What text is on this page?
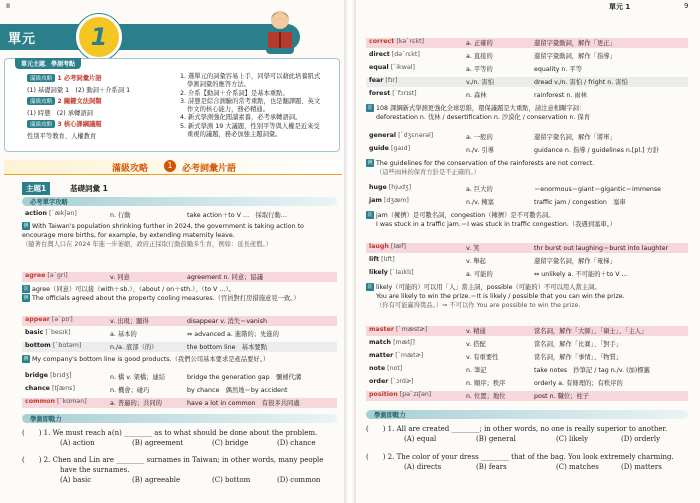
8
單元	1
單元主題．學測考點
滿級攻略 1 必考詞彙片語
(1) 基礎詞彙 1　(2) 動詞＋介系詞 1
滿級攻略 2 關鍵文法詞類
(1) 時態　(2) 承轉語詞
滿級攻略 3 核心課綱議題
性別平等教育、人權教育
1. 選單元的詞彙容易上手，同學可以藉此培養肌式
學測詞彙的應答方法。
2. 介系【動詞＋介系詞】是基本重點。
3. 詩態是綜合測驗的常考重點，也是翻譯題、英文
作文的核心能力，務必精通。
4. 新式學測強化閱讀素養，必考承轉語詞。
5. 新式學測 19 大議題，性別平等與人權是近來受
重視的議題，務必加強主題詞彙。
滿級攻略	1	必考詞彙片語
主題1	基礎詞彙 1
必考單字攻略
action [ˋækʃən]	n. 行動	take action＋to V …　採取行動…
例 With Taiwan's population shrinking further in 2024, the government is taking action to
encourage more births, for example, by extending maternity leave.
（隨著台灣人口在 2024 年進一步萎縮，政府正採取行動鼓勵多生育，例如：延長產假。）
agree [əˋgri]	v. 同意	agreement n. 同意；協議
註 agree（同意）可以接（with＋sb.）、（about / on＋sth.）、（to V …）。
例 The officials agreed about the property cooling measures.（官員對打房措施意見一致。）
appear [əˋpɪr]	v. 出現；顯得	disappear v. 消失＝vanish
basic [ˋbesɪk]	a. 基本的	⇔ advanced a. 進階的；先進的
bottom [ˋbɑtəm]	n./a. 底部（的）	the bottom line　基本要點
例 My company's bottom line is good products.（我們公司基本要求是產品要好。）
bridge [brɪdʒ]	n. 橋 v. 架橋；連結	bridge the generation gap　彌補代溝
chance [tʃæns]	n. 機會；碰巧	by chance　偶然地＝by accident
common [ˋkɑmən]	a. 普遍的；共同的	have a lot in common　有很多共同處
學測即戰力
(　　) 1. We must reach a(n) ________ as to what should be done about the problem.
(A) action	(B) agreement	(C) bridge	(D) chance
(　　) 2. Chen and Lin are ________ surnames in Taiwan; in other words, many people
have the surnames.
(A) basic	(B) agreeable	(C) bottom	(D) common
單元 1	9
correct [kəˋrɛkt]	a. 正確的	還留字彙動詞，解作「更正」
direct [dəˋrɛkt]	a. 直接的	還留字彙動詞，解作「指導」
equal [ˋikwəl]	a. 平等的	equality n. 平等
fear [fɪr]	v./n. 害怕	dread v./n. 害怕 / fright n. 害怕
forest [ˋfɔrɪst]	n. 森林	rainforest n. 雨林
註 108 課綱新式學測更強化全球思維，環保議題是大重點，請注意相關字詞：
deforestation n. 伐林 / desertification n. 沙漠化 / conservation n. 保育
general [ˋdʒɛnərəl]	a. 一般的	還留字彙名詞，解作「將軍」
guide [gaɪd]	n./v. 引導	guidance n. 指導 / guidelines n.[pl.] 方針
例 The guidelines for the conservation of the rainforests are not correct.
（這些雨林的保育方針是不正確的。）
huge [hjudʒ]	a. 巨大的	＝enormous＝giant＝gigantic＝immense
jam [dʒæm]	n./v. 擁塞	traffic jam / congestion　塞車
註 jam（擁擠）是可數名詞，congestion（擁擠）是不可數名詞。
I was stuck in a traffic jam.＝I was stuck in traffic congestion.（我遇到塞車。）
laugh [læf]	v. 笑	thr burst out laughing＝burst into laughter
lift [lɪft]	v. 舉起	還留字彙名詞，解作「電梯」
likely [ˋlaɪklɪ]	a. 可能的	⇔ unlikely a. 不可能的＋to V …
註 likely（可能的）可以用「人」當主詞，possible（可能的）不可以用人當主詞。
You are likely to win the prize.＝It is likely / possible that you can win the prize.
（你有可能贏得獎品。）⇒ 不可以作 You are possible to win the prize.
master [ˋmæstɚ]	v. 精通	當名詞，解作「大師」、「碩士」、「主人」
match [mætʃ]	v. 搭配	當名詞，解作「比賽」、「對手」
matter [ˋmætɚ]	v. 有重要性	當名詞，解作「事情」、「物質」
note [not]	n. 筆記	take notes　抄筆記 / tag n./v. (加)標籤
order [ˋɔrdɚ]	n. 順序；秩序	orderly a. 有條理的；有秩序的
position [pəˋzɪʃən]	n. 位置；地位	post n. 職位；柱子
學測即戰力
(　　) 1. All are created ________; in other words, no one is really superior to another.
(A) equal	(B) general	(C) likely	(D) orderly
(　　) 2. The color of your dress ________ that of the bag. You look extremely charming.
(A) directs	(B) fears	(C) matches	(D) matters
